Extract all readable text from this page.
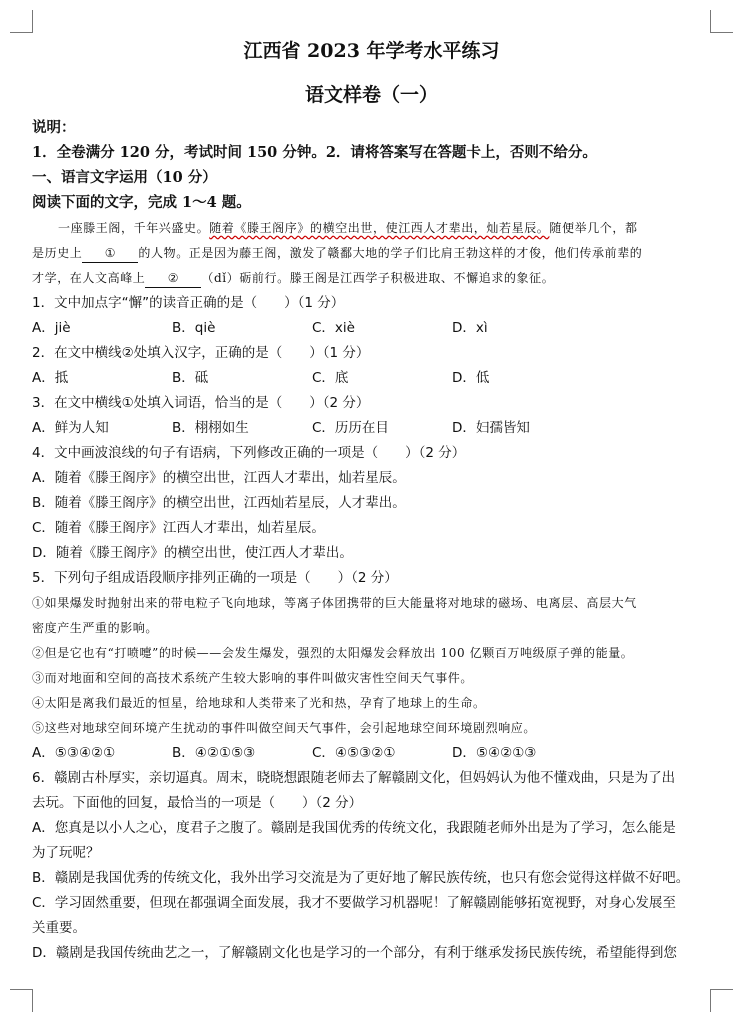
江西省 2023 年学考水平练习
语文样卷（一）
说明：
1．全卷满分 120 分，考试时间 150 分钟。2．请将答案写在答题卡上，否则不给分。
一、语言文字运用（10 分）
阅读下面的文字，完成 1～4 题。
一座滕王阁，千年兴盛史。随着《滕王阁序》的横空出世，使江西人才辈出，灿若星辰。随便举几个，都
是历史上 ① 的人物。正是因为藤王阁，激发了赣鄱大地的学子们比肩王勃这样的才俊，他们传承前辈的
才学，在人文高峰上 ② （dǐ）砺前行。滕王阁是江西学子积极进取、不懈追求的象征。
1．文中加点字“懈”的读音正确的是（　　）（1 分）
A．jiè	B．qiè	C．xiè	D．xì
2．在文中横线②处填入汉字，正确的是（　　）（1 分）
A．抵	B．砥	C．底	D．低
3．在文中横线①处填入词语，恰当的是（　　）（2 分）
A．鲜为人知	B．栩栩如生	C．历历在目	D．妇孺皆知
4．文中画波浪线的句子有语病，下列修改正确的一项是（　　）（2 分）
A．随着《滕王阁序》的横空出世，江西人才辈出，灿若星辰。
B．随着《滕王阁序》的横空出世，江西灿若星辰，人才辈出。
C．随着《滕王阁序》江西人才辈出，灿若星辰。
D．随着《滕王阁序》的横空出世，使江西人才辈出。
5．下列句子组成语段顺序排列正确的一项是（　　）（2 分）
①如果爆发时抛射出来的带电粒子飞向地球，等离子体团携带的巨大能量将对地球的磁场、电离层、高层大气
密度产生严重的影响。
②但是它也有“打喷嚏”的时候——会发生爆发，强烈的太阳爆发会释放出 100 亿颗百万吨级原子弹的能量。
③而对地面和空间的高技术系统产生较大影响的事件叫做灾害性空间天气事件。
④太阳是离我们最近的恒星，给地球和人类带来了光和热，孕育了地球上的生命。
⑤这些对地球空间环境产生扰动的事件叫做空间天气事件，会引起地球空间环境剧烈响应。
A．⑤③④②①	B．④②①⑤③	C．④⑤③②①	D．⑤④②①③
6．赣剧古朴厚实，亲切逼真。周末，晓晓想跟随老师去了解赣剧文化，但妈妈认为他不懂戏曲，只是为了出
去玩。下面他的回复，最恰当的一项是（　　）（2 分）
A．您真是以小人之心，度君子之腹了。赣剧是我国优秀的传统文化，我跟随老师外出是为了学习，怎么能是
为了玩呢？
B．赣剧是我国优秀的传统文化，我外出学习交流是为了更好地了解民族传统，也只有您会觉得这样做不好吧。
C．学习固然重要，但现在都强调全面发展，我才不要做学习机器呢！了解赣剧能够拓宽视野，对身心发展至
关重要。
D．赣剧是我国传统曲艺之一，了解赣剧文化也是学习的一个部分，有利于继承发扬民族传统，希望能得到您
